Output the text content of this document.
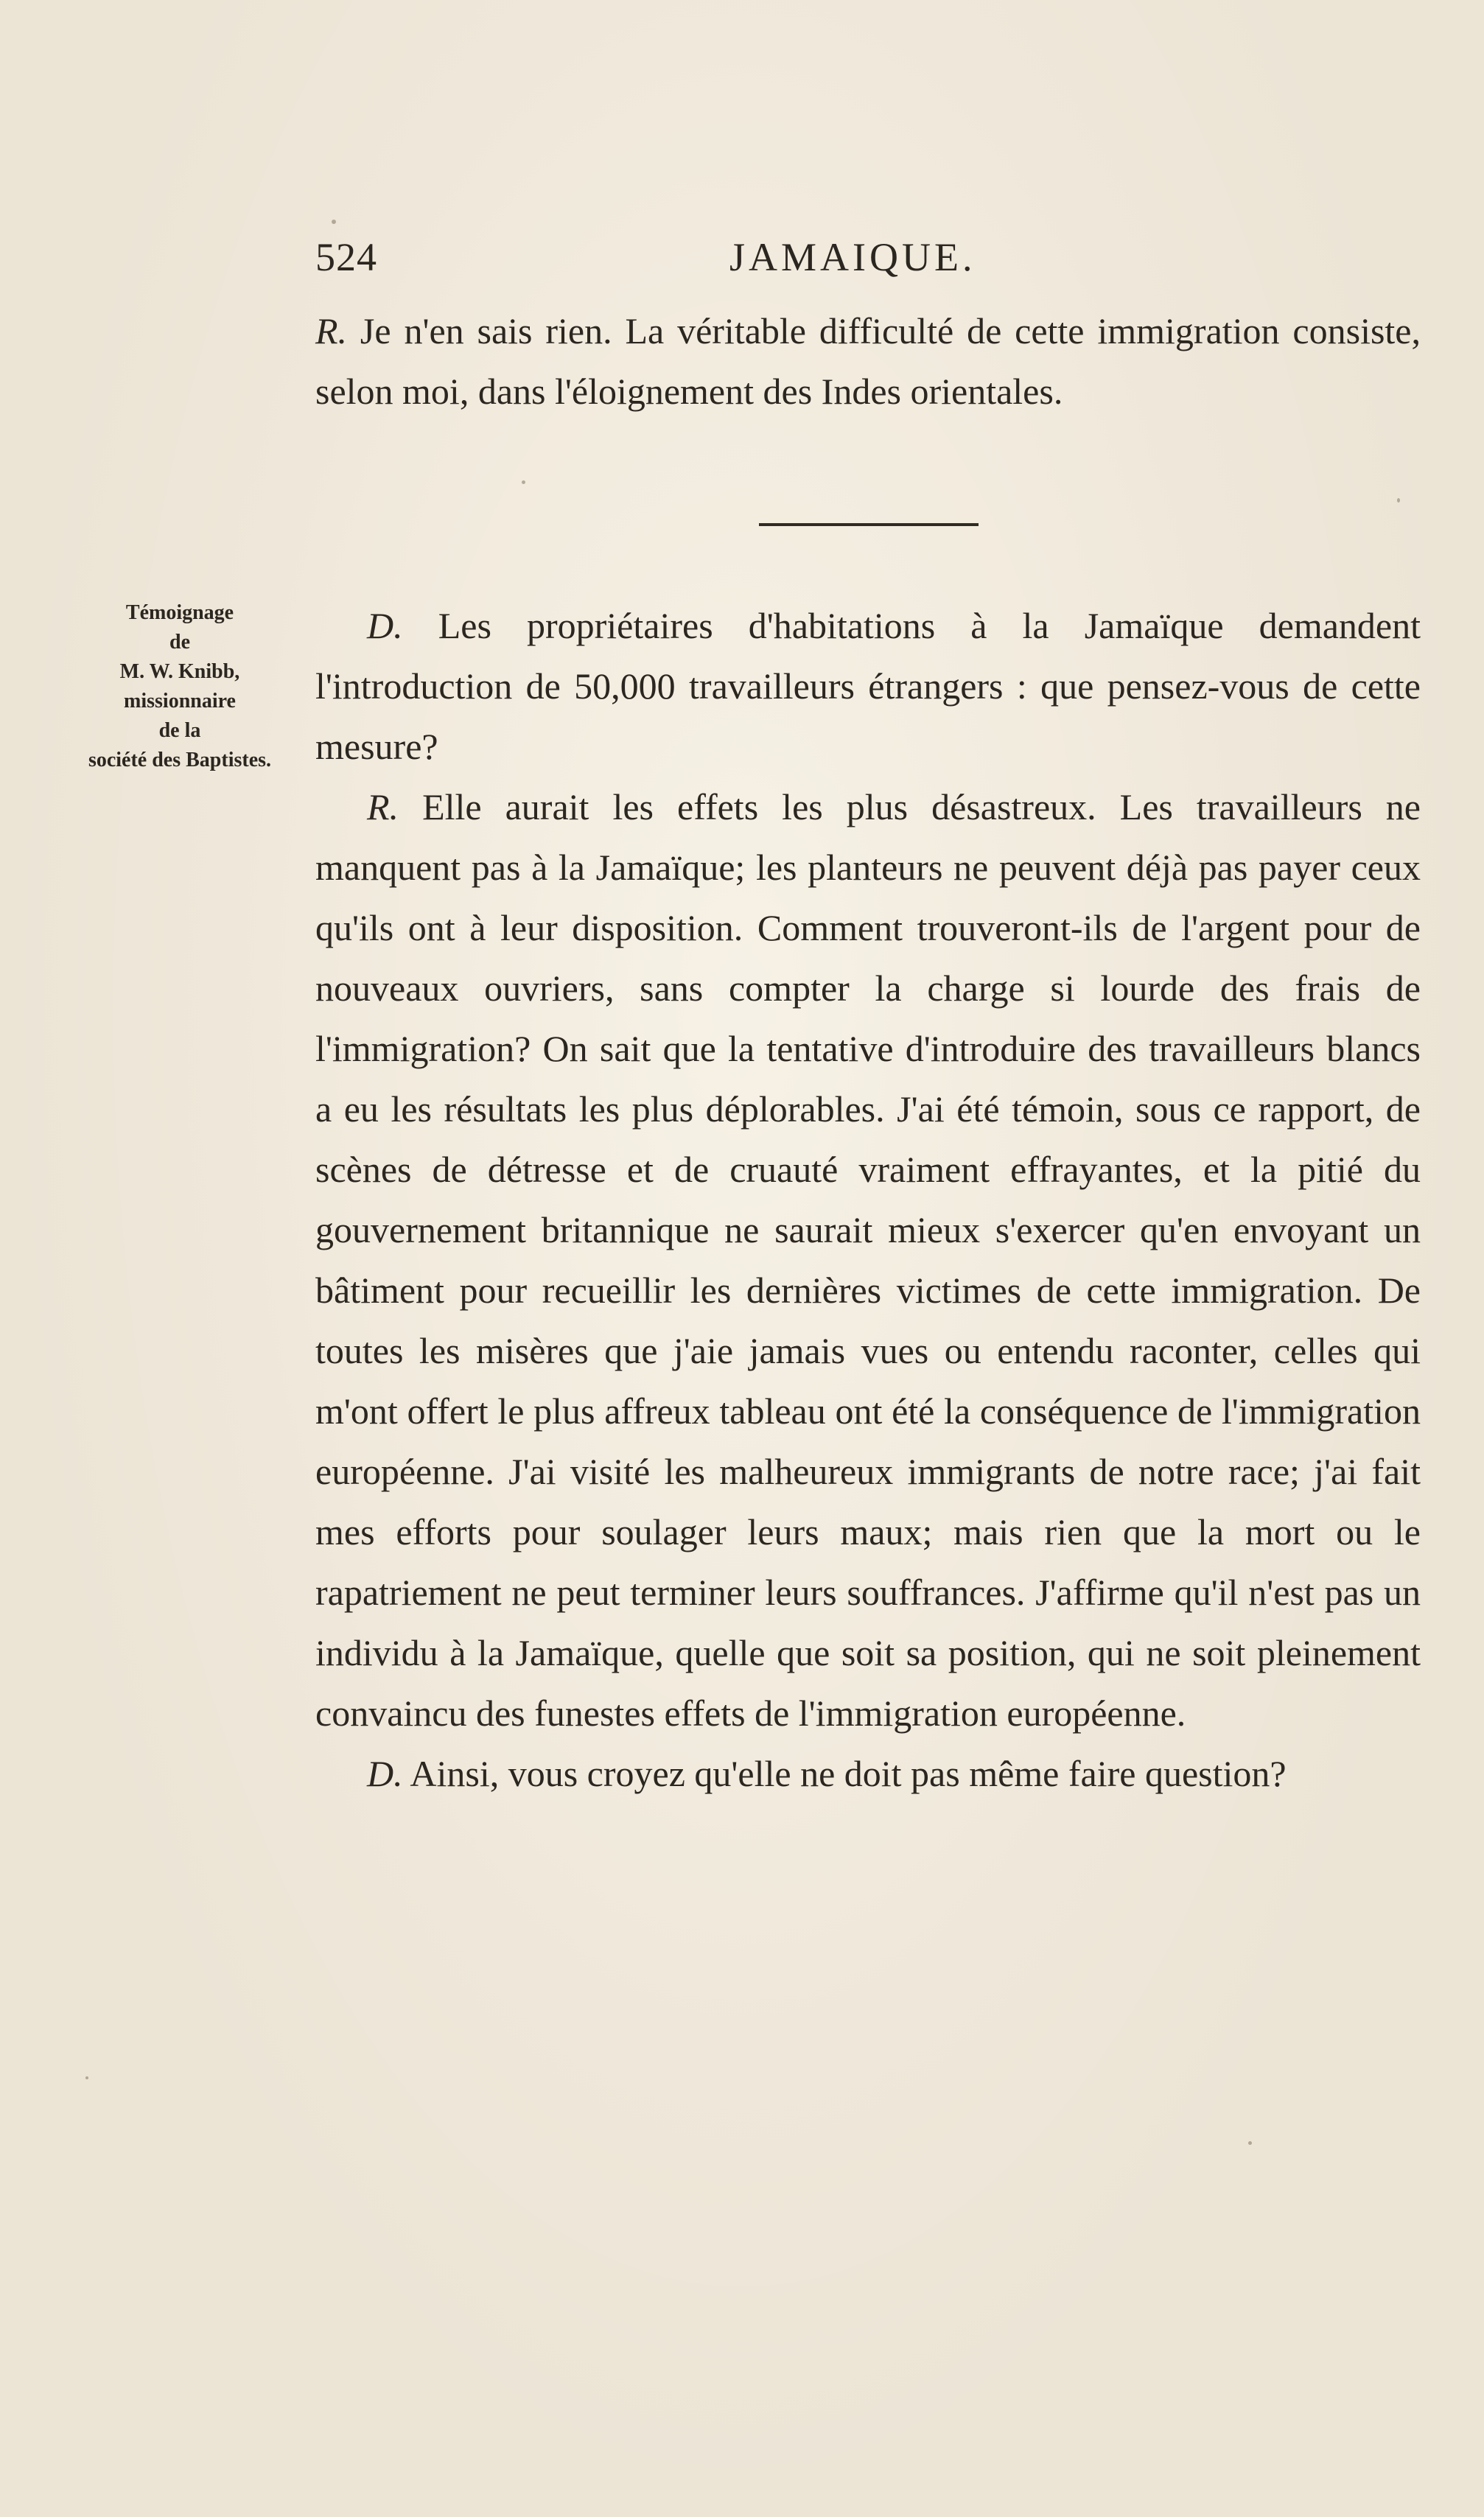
524	JAMAIQUE.

R. Je n'en sais rien. La véritable difficulté de cette immigration consiste, selon moi, dans l'éloignement des Indes orientales.

Témoignage
de
M. W. Knibb,
missionnaire
de la
société des Baptistes.

D. Les propriétaires d'habitations à la Jamaïque demandent l'introduction de 50,000 travailleurs étrangers : que pensez-vous de cette mesure?

R. Elle aurait les effets les plus désastreux. Les travailleurs ne manquent pas à la Jamaïque; les planteurs ne peuvent déjà pas payer ceux qu'ils ont à leur disposition. Comment trouveront-ils de l'argent pour de nouveaux ouvriers, sans compter la charge si lourde des frais de l'immigration? On sait que la tentative d'introduire des travailleurs blancs a eu les résultats les plus déplorables. J'ai été témoin, sous ce rapport, de scènes de détresse et de cruauté vraiment effrayantes, et la pitié du gouvernement britannique ne saurait mieux s'exercer qu'en envoyant un bâtiment pour recueillir les dernières victimes de cette immigration. De toutes les misères que j'aie jamais vues ou entendu raconter, celles qui m'ont offert le plus affreux tableau ont été la conséquence de l'immigration européenne. J'ai visité les malheureux immigrants de notre race; j'ai fait mes efforts pour soulager leurs maux; mais rien que la mort ou le rapatriement ne peut terminer leurs souffrances. J'affirme qu'il n'est pas un individu à la Jamaïque, quelle que soit sa position, qui ne soit pleinement convaincu des funestes effets de l'immigration européenne.

D. Ainsi, vous croyez qu'elle ne doit pas même faire question?
